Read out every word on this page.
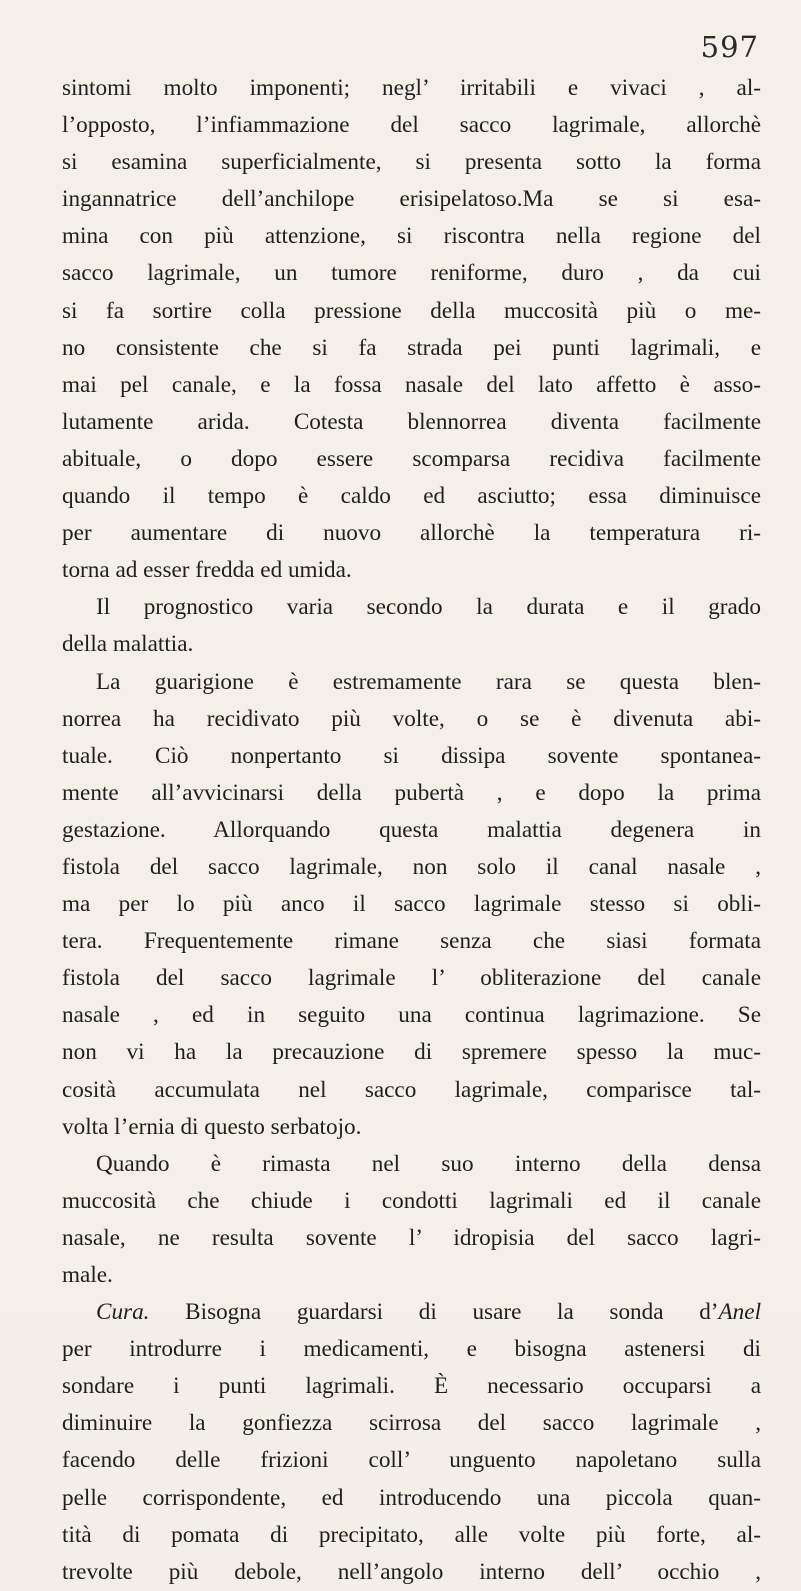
597
sintomi molto imponenti; negl’ irritabili e vivaci , al-
l’opposto, l’infiammazione del sacco lagrimale, allorchè
si esamina superficialmente, si presenta sotto la forma
ingannatrice dell’anchilope erisipelatoso.Ma se si esa-
mina con più attenzione, si riscontra nella regione del
sacco lagrimale, un tumore reniforme, duro , da cui
si fa sortire colla pressione della muccosità più o me-
no consistente che si fa strada pei punti lagrimali, e
mai pel canale, e la fossa nasale del lato affetto è asso-
lutamente arida. Cotesta blennorrea diventa facilmente
abituale, o dopo essere scomparsa recidiva facilmente
quando il tempo è caldo ed asciutto; essa diminuisce
per aumentare di nuovo allorchè la temperatura ri-
torna ad esser fredda ed umida.
Il prognostico varia secondo la durata e il grado
della malattia.
La guarigione è estremamente rara se questa blen-
norrea ha recidivato più volte, o se è divenuta abi-
tuale. Ciò nonpertanto si dissipa sovente spontanea-
mente all’avvicinarsi della pubertà , e dopo la prima
gestazione. Allorquando questa malattia degenera in
fistola del sacco lagrimale, non solo il canal nasale ,
ma per lo più anco il sacco lagrimale stesso si obli-
tera. Frequentemente rimane senza che siasi formata
fistola del sacco lagrimale l’ obliterazione del canale
nasale , ed in seguito una continua lagrimazione. Se
non vi ha la precauzione di spremere spesso la muc-
cosità accumulata nel sacco lagrimale, comparisce tal-
volta l’ernia di questo serbatojo.
Quando è rimasta nel suo interno della densa
muccosità che chiude i condotti lagrimali ed il canale
nasale, ne resulta sovente l’ idropisia del sacco lagri-
male.
Cura. Bisogna guardarsi di usare la sonda d’Anel
per introdurre i medicamenti, e bisogna astenersi di
sondare i punti lagrimali. È necessario occuparsi a
diminuire la gonfiezza scirrosa del sacco lagrimale ,
facendo delle frizioni coll’ unguento napoletano sulla
pelle corrispondente, ed introducendo una piccola quan-
tità di pomata di precipitato, alle volte più forte, al-
trevolte più debole, nell’angolo interno dell’ occhio ,
